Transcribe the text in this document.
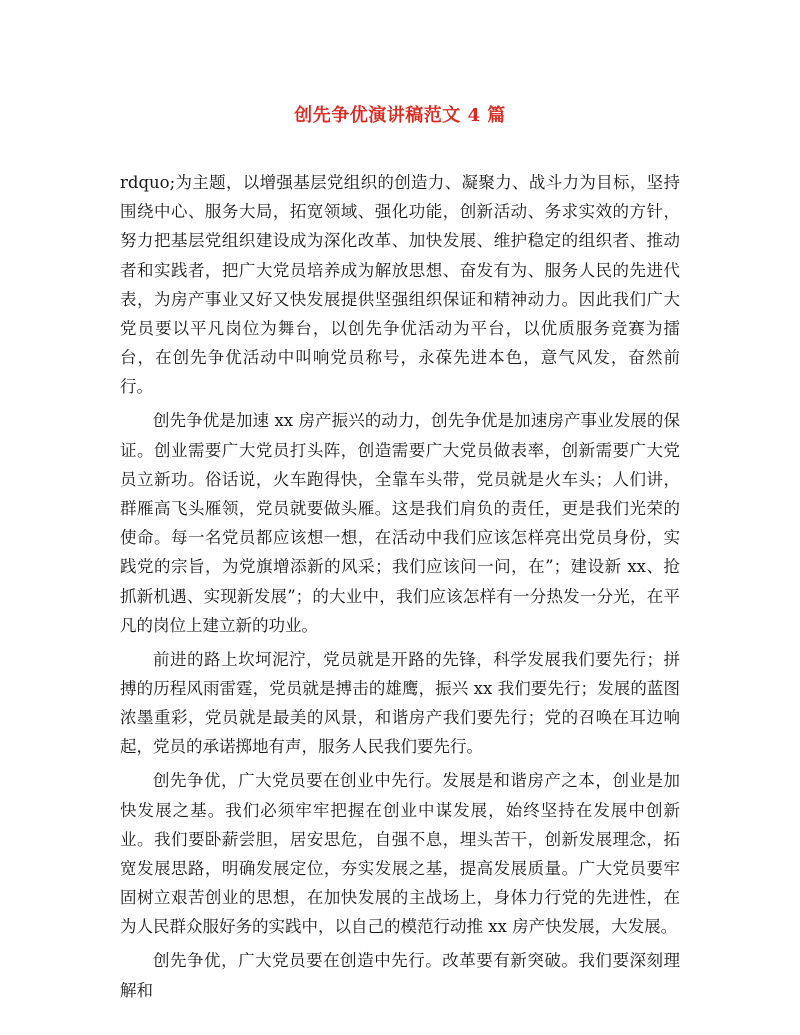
创先争优演讲稿范文 4 篇

rdquo;为主题，以增强基层党组织的创造力、凝聚力、战斗力为目标，坚持围绕中心、服务大局，拓宽领域、强化功能，创新活动、务求实效的方针，努力把基层党组织建设成为深化改革、加快发展、维护稳定的组织者、推动者和实践者，把广大党员培养成为解放思想、奋发有为、服务人民的先进代表，为房产事业又好又快发展提供坚强组织保证和精神动力。因此我们广大党员要以平凡岗位为舞台，以创先争优活动为平台，以优质服务竞赛为擂台，在创先争优活动中叫响党员称号，永葆先进本色，意气风发，奋然前行。

创先争优是加速 xx 房产振兴的动力，创先争优是加速房产事业发展的保证。创业需要广大党员打头阵，创造需要广大党员做表率，创新需要广大党员立新功。俗话说，火车跑得快，全靠车头带，党员就是火车头；人们讲，群雁高飞头雁领，党员就要做头雁。这是我们肩负的责任，更是我们光荣的使命。每一名党员都应该想一想，在活动中我们应该怎样亮出党员身份，实践党的宗旨，为党旗增添新的风采；我们应该问一问，在”；建设新 xx、抢抓新机遇、实现新发展”；的大业中，我们应该怎样有一分热发一分光，在平凡的岗位上建立新的功业。

前进的路上坎坷泥泞，党员就是开路的先锋，科学发展我们要先行；拼搏的历程风雨雷霆，党员就是搏击的雄鹰，振兴 xx 我们要先行；发展的蓝图浓墨重彩，党员就是最美的风景，和谐房产我们要先行；党的召唤在耳边响起，党员的承诺掷地有声，服务人民我们要先行。

创先争优，广大党员要在创业中先行。发展是和谐房产之本，创业是加快发展之基。我们必须牢牢把握在创业中谋发展，始终坚持在发展中创新业。我们要卧薪尝胆，居安思危，自强不息，埋头苦干，创新发展理念，拓宽发展思路，明确发展定位，夯实发展之基，提高发展质量。广大党员要牢固树立艰苦创业的思想，在加快发展的主战场上，身体力行党的先进性，在为人民群众服好务的实践中，以自己的模范行动推 xx 房产快发展，大发展。

创先争优，广大党员要在创造中先行。改革要有新突破。我们要深刻理解和
